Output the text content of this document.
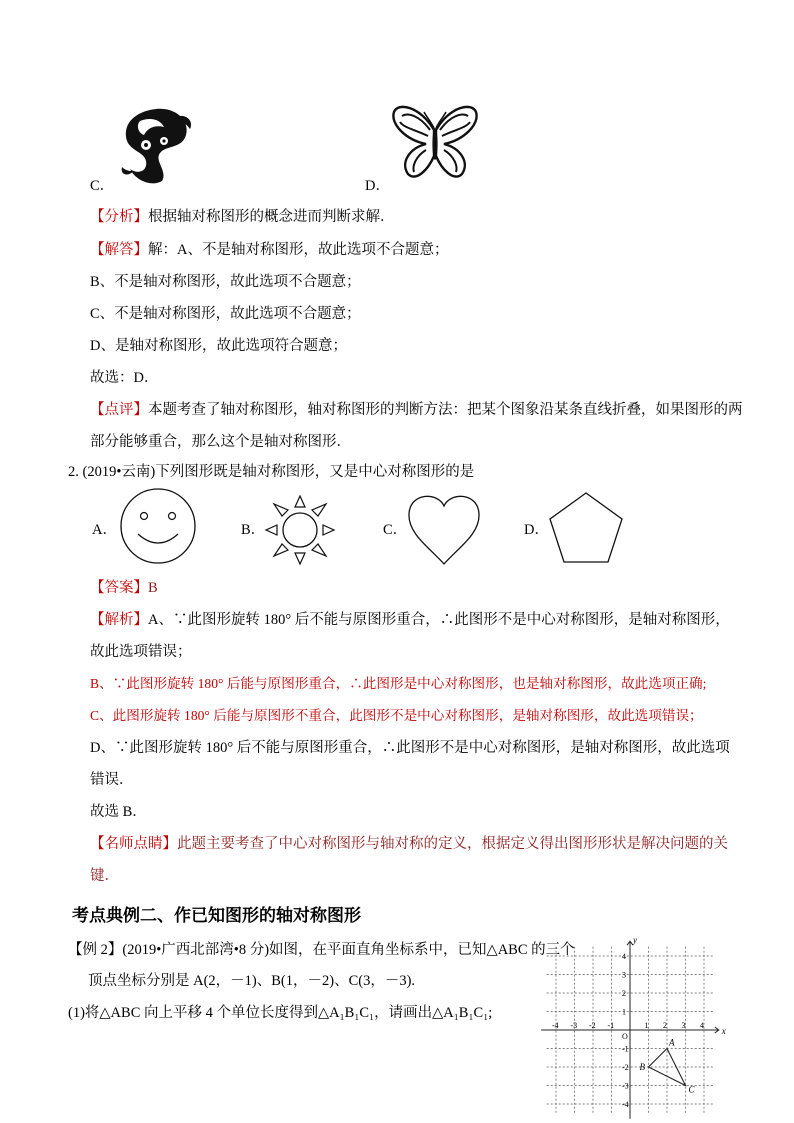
C．	D．
【分析】根据轴对称图形的概念进而判断求解．
【解答】解：A、不是轴对称图形，故此选项不合题意；
B、不是轴对称图形，故此选项不合题意；
C、不是轴对称图形，故此选项不合题意；
D、是轴对称图形，故此选项符合题意；
故选：D．
【点评】本题考查了轴对称图形，轴对称图形的判断方法：把某个图象沿某条直线折叠，如果图形的两
部分能够重合，那么这个是轴对称图形．
2. (2019•云南)下列图形既是轴对称图形，又是中心对称图形的是
A．	B．	C．	D．
【答案】B
【解析】A、∵此图形旋转 180° 后不能与原图形重合，∴此图形不是中心对称图形，是轴对称图形，
故此选项错误；
B、∵此图形旋转 180° 后能与原图形重合，∴此图形是中心对称图形，也是轴对称图形，故此选项正确;
C、此图形旋转 180° 后能与原图形不重合，此图形不是中心对称图形，是轴对称图形，故此选项错误；
D、∵此图形旋转 180° 后不能与原图形重合，∴此图形不是中心对称图形，是轴对称图形，故此选项
错误．
故选 B．
【名师点睛】此题主要考查了中心对称图形与轴对称的定义，根据定义得出图形形状是解决问题的关
键．
考点典例二、作已知图形的轴对称图形
【例 2】(2019•广西北部湾•8 分)如图，在平面直角坐标系中，已知△ABC 的三个
顶点坐标分别是 A(2，－1)、B(1，－2)、C(3，－3).
(1)将△ABC 向上平移 4 个单位长度得到△A₁B₁C₁，请画出△A₁B₁C₁;
x
y
O
-4 -3 -2 -1	1 2 3 4
4
3
2
1
-1
-2
-3
-4
A
B
C
